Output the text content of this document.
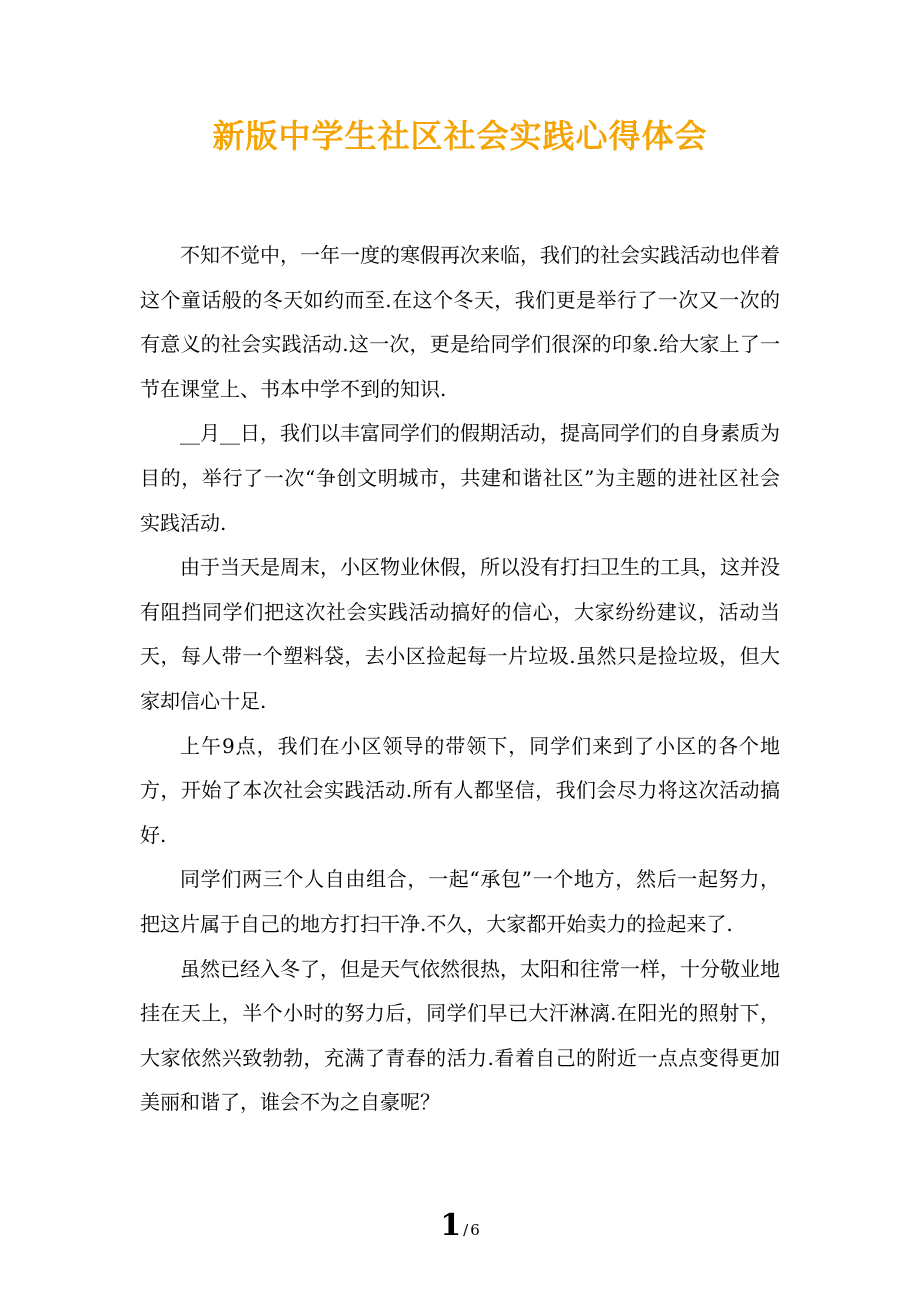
新版中学生社区社会实践心得体会

不知不觉中，一年一度的寒假再次来临，我们的社会实践活动也伴着这个童话般的冬天如约而至.在这个冬天，我们更是举行了一次又一次的有意义的社会实践活动.这一次，更是给同学们很深的印象.给大家上了一节在课堂上、书本中学不到的知识.

__月__日，我们以丰富同学们的假期活动，提高同学们的自身素质为目的，举行了一次“争创文明城市，共建和谐社区”为主题的进社区社会实践活动.

由于当天是周末，小区物业休假，所以没有打扫卫生的工具，这并没有阻挡同学们把这次社会实践活动搞好的信心，大家纷纷建议，活动当天，每人带一个塑料袋，去小区捡起每一片垃圾.虽然只是捡垃圾，但大家却信心十足.

上午9点，我们在小区领导的带领下，同学们来到了小区的各个地方，开始了本次社会实践活动.所有人都坚信，我们会尽力将这次活动搞好.

同学们两三个人自由组合，一起“承包”一个地方，然后一起努力，把这片属于自己的地方打扫干净.不久，大家都开始卖力的捡起来了.

虽然已经入冬了，但是天气依然很热，太阳和往常一样，十分敬业地挂在天上，半个小时的努力后，同学们早已大汗淋漓.在阳光的照射下，大家依然兴致勃勃，充满了青春的活力.看着自己的附近一点点变得更加美丽和谐了，谁会不为之自豪呢？

1 / 6
